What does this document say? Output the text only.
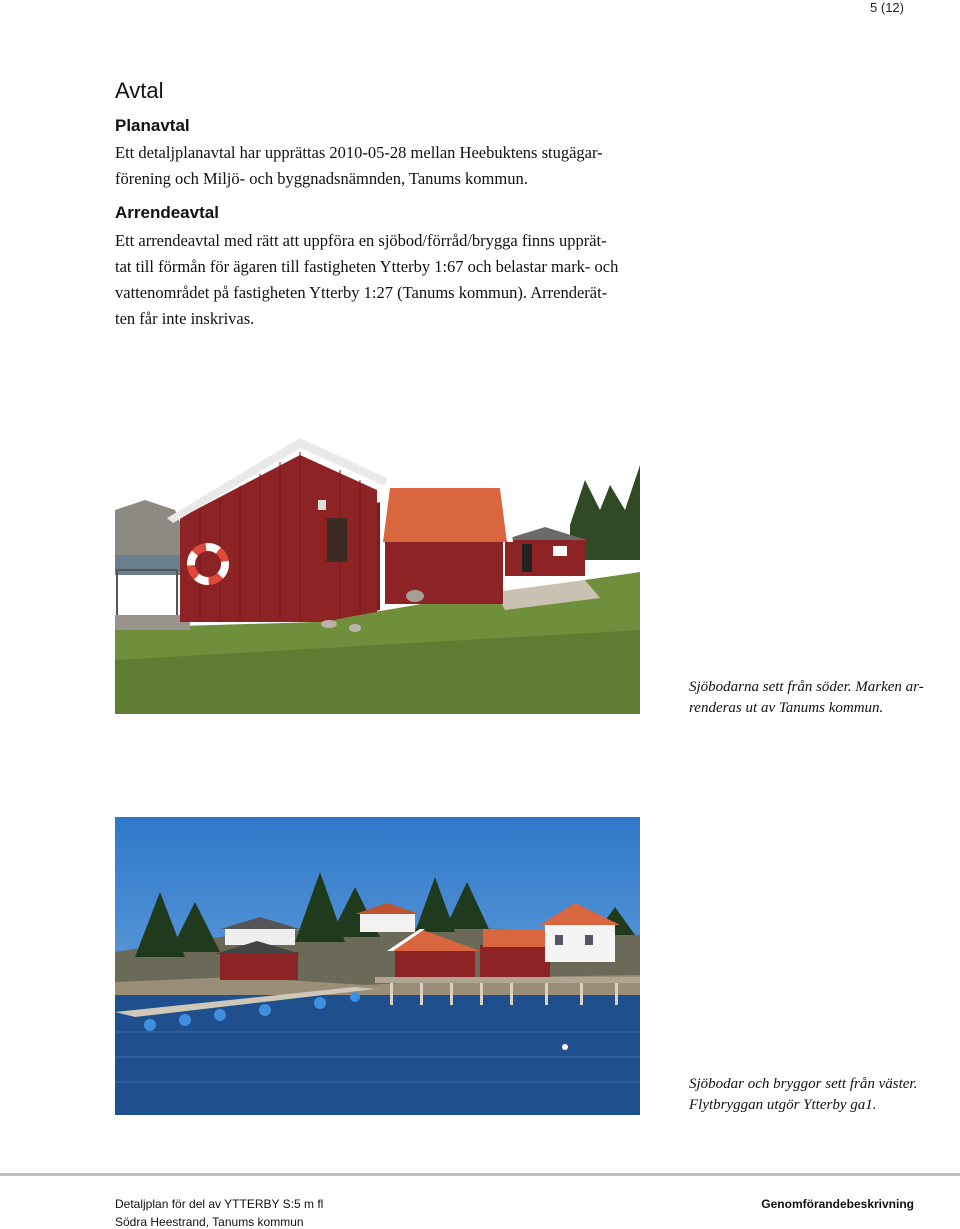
5 (12)
Avtal
Planavtal

Ett detaljplanavtal har upprättas 2010-05-28 mellan Heebuktens stugägar-
förening och Miljö- och byggnadsnämnden, Tanums kommun.

Arrendeavtal

Ett arrendeavtal med rätt att uppföra en sjöbod/förråd/brygga finns upprät-
tat till förmån för ägaren till fastigheten Ytterby 1:67 och belastar mark- och
vattenområdet på fastigheten Ytterby 1:27 (Tanums kommun). Arrenderät-
ten får inte inskrivas.

Sjöbodarna sett från söder. Marken ar-
renderas ut av Tanums kommun.
Sjöbodar och bryggor sett från väster.
Flytbryggan utgör Ytterby ga1.
Detaljplan för del av YTTERBY S:5 m fl
Södra Heestrand, Tanums kommun
Genomförandebeskrivning
